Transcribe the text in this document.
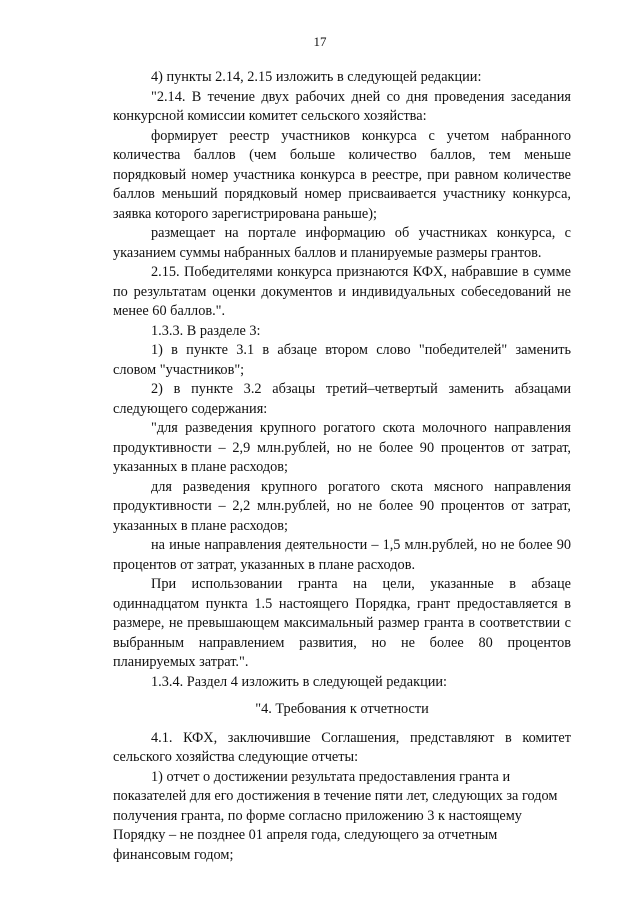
17

4) пункты 2.14, 2.15 изложить в следующей редакции:

"2.14. В течение двух рабочих дней со дня проведения заседания конкурсной комиссии комитет сельского хозяйства:

формирует реестр участников конкурса с учетом набранного количества баллов (чем больше количество баллов, тем меньше порядковый номер участника конкурса в реестре, при равном количестве баллов меньший порядковый номер присваивается участнику конкурса, заявка которого зарегистрирована раньше);

размещает на портале информацию об участниках конкурса, с указанием суммы набранных баллов и планируемые размеры грантов.

2.15. Победителями конкурса признаются КФХ, набравшие в сумме по результатам оценки документов и индивидуальных собеседований не менее 60 баллов.".

1.3.3. В разделе 3:

1) в пункте 3.1 в абзаце втором слово "победителей" заменить словом "участников";

2) в пункте 3.2 абзацы третий–четвертый заменить абзацами следующего содержания:

"для разведения крупного рогатого скота молочного направления продуктивности – 2,9 млн.рублей, но не более 90 процентов от затрат, указанных в плане расходов;

для разведения крупного рогатого скота мясного направления продуктивности – 2,2 млн.рублей, но не более 90 процентов от затрат, указанных в плане расходов;

на иные направления деятельности – 1,5 млн.рублей, но не более 90 процентов от затрат, указанных в плане расходов.

При использовании гранта на цели, указанные в абзаце одиннадцатом пункта 1.5 настоящего Порядка, грант предоставляется в размере, не превышающем максимальный размер гранта в соответствии с выбранным направлением развития, но не более 80 процентов планируемых затрат.".

1.3.4. Раздел 4 изложить в следующей редакции:

"4. Требования к отчетности

4.1. КФХ, заключившие Соглашения, представляют в комитет сельского хозяйства следующие отчеты:

1) отчет о достижении результата предоставления гранта и показателей для его достижения в течение пяти лет, следующих за годом получения гранта, по форме согласно приложению 3 к настоящему Порядку – не позднее 01 апреля года, следующего за отчетным финансовым годом;
